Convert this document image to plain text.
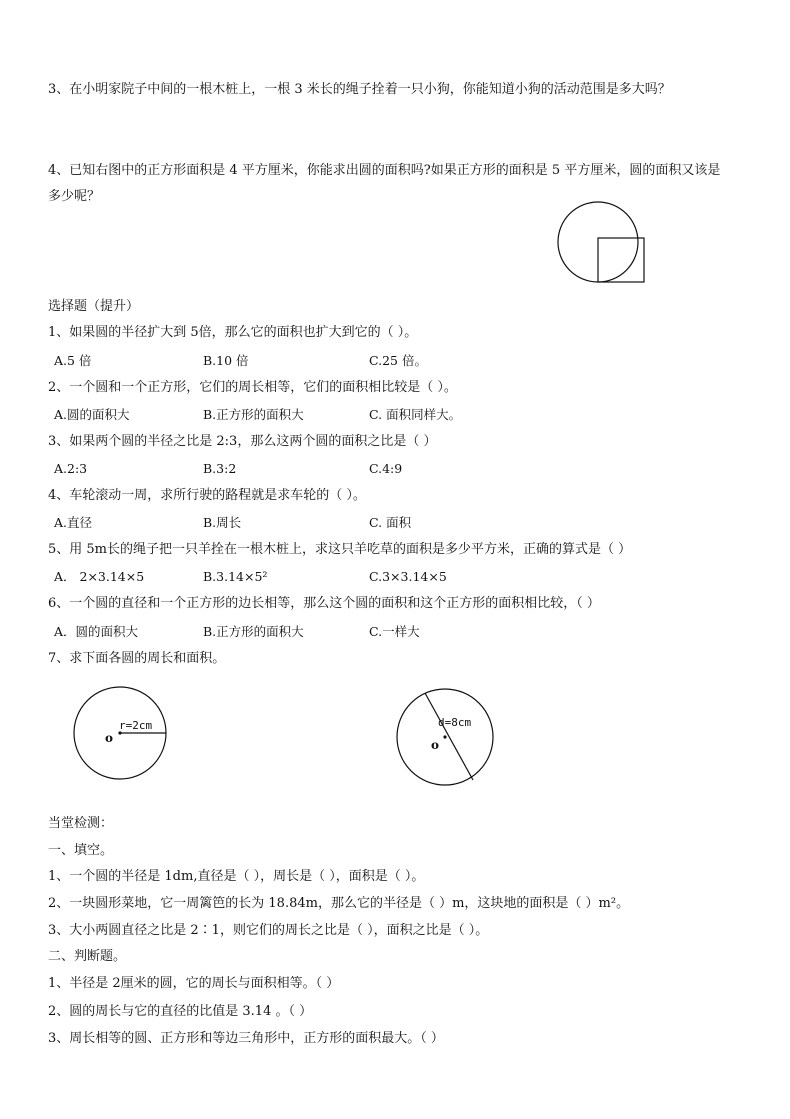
3、在小明家院子中间的一根木桩上，一根 3 米长的绳子拴着一只小狗，你能知道小狗的活动范围是多大吗？
4、已知右图中的正方形面积是 4 平方厘米，你能求出圆的面积吗?如果正方形的面积是 5 平方厘米，圆的面积又该是
多少呢？
选择题（提升）
1、如果圆的半径扩大到 5倍，那么它的面积也扩大到它的（ ）。
A.5 倍	B.10 倍	C.25 倍。
2、一个圆和一个正方形，它们的周长相等，它们的面积相比较是（ ）。
A.圆的面积大	B.正方形的面积大	C. 面积同样大。
3、如果两个圆的半径之比是 2:3，那么这两个圆的面积之比是（ ）
A.2:3	B.3:2	C.4:9
4、车轮滚动一周，求所行驶的路程就是求车轮的（ ）。
A.直径	B.周长	C. 面积
5、用 5m长的绳子把一只羊拴在一根木桩上，求这只羊吃草的面积是多少平方米，正确的算式是（ ）
A． 2×3.14×5	B.3.14×5²	C.3×3.14×5
6、一个圆的直径和一个正方形的边长相等，那么这个圆的面积和这个正方形的面积相比较，（ ）
A．圆的面积大	B.正方形的面积大	C.一样大
7、求下面各圆的周长和面积。
r=2cm
o
d=8cm
o
当堂检测：
一、填空。
1、一个圆的半径是 1dm,直径是（ ），周长是（ ），面积是（ ）。
2、一块圆形菜地，它一周篱笆的长为 18.84m，那么它的半径是（ ）m，这块地的面积是（ ）m²。
3、大小两圆直径之比是 2∶1，则它们的周长之比是（ ），面积之比是（ ）。
二、判断题。
1、半径是 2厘米的圆，它的周长与面积相等。（ ）
2、圆的周长与它的直径的比值是 3.14 。（ ）
3、周长相等的圆、正方形和等边三角形中，正方形的面积最大。（ ）
